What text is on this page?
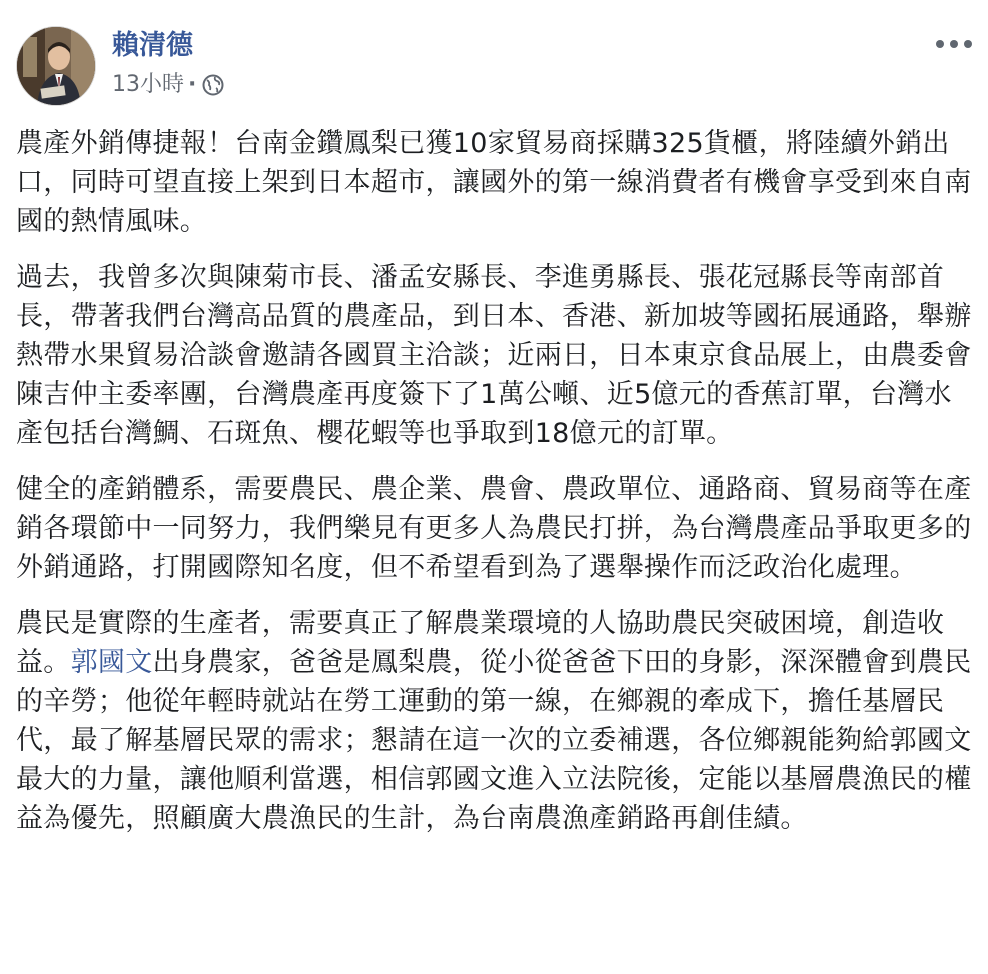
賴清德
13小時 ·

農產外銷傳捷報！台南金鑽鳳梨已獲10家貿易商採購325貨櫃，將陸續外銷出口，同時可望直接上架到日本超市，讓國外的第一線消費者有機會享受到來自南國的熱情風味。

過去，我曾多次與陳菊市長、潘孟安縣長、李進勇縣長、張花冠縣長等南部首長，帶著我們台灣高品質的農產品，到日本、香港、新加坡等國拓展通路，舉辦熱帶水果貿易洽談會邀請各國買主洽談；近兩日，日本東京食品展上，由農委會陳吉仲主委率團，台灣農產再度簽下了1萬公噸、近5億元的香蕉訂單，台灣水產包括台灣鯛、石斑魚、櫻花蝦等也爭取到18億元的訂單。

健全的產銷體系，需要農民、農企業、農會、農政單位、通路商、貿易商等在產銷各環節中一同努力，我們樂見有更多人為農民打拼，為台灣農產品爭取更多的外銷通路，打開國際知名度，但不希望看到為了選舉操作而泛政治化處理。

農民是實際的生產者，需要真正了解農業環境的人協助農民突破困境，創造收益。郭國文出身農家，爸爸是鳳梨農，從小從爸爸下田的身影，深深體會到農民的辛勞；他從年輕時就站在勞工運動的第一線，在鄉親的牽成下，擔任基層民代，最了解基層民眾的需求；懇請在這一次的立委補選，各位鄉親能夠給郭國文最大的力量，讓他順利當選，相信郭國文進入立法院後，定能以基層農漁民的權益為優先，照顧廣大農漁民的生計，為台南農漁產銷路再創佳績。
